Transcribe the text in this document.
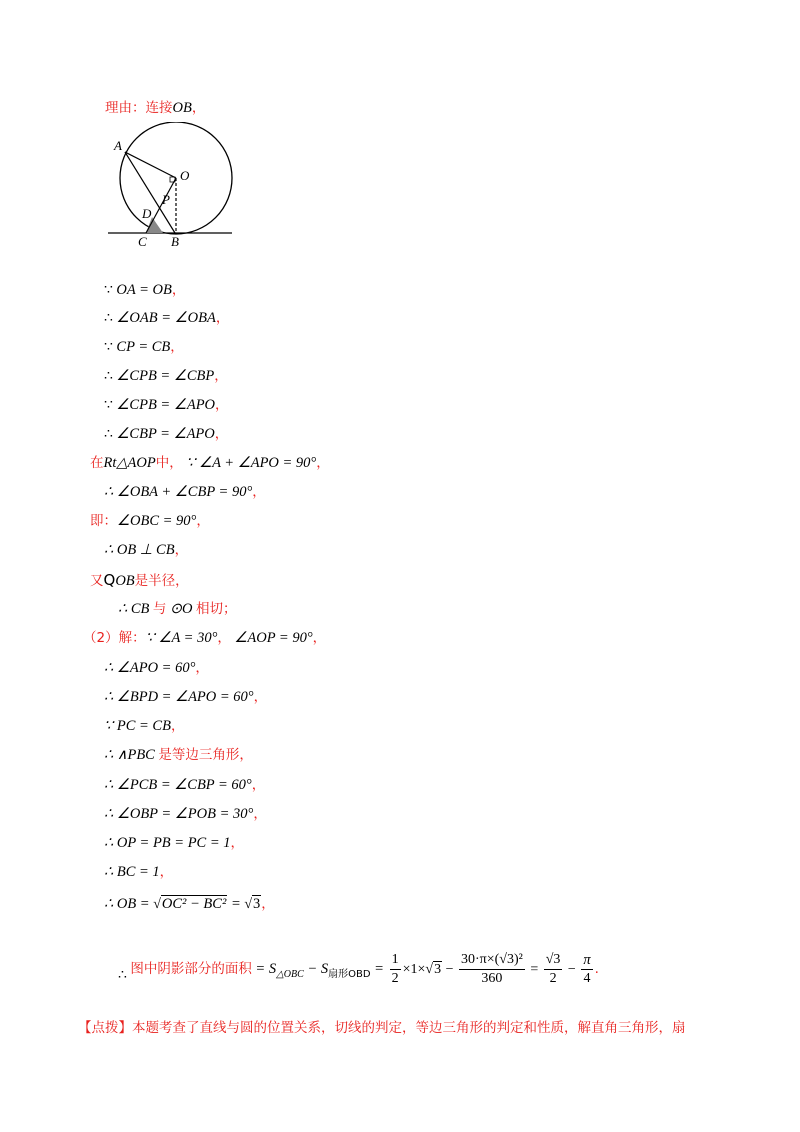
理由：连接OB，
A
O
D
P
C B
∵ OA = OB，
∴ ∠OAB = ∠OBA，
∵ CP = CB，
∴ ∠CPB = ∠CBP，
∵ ∠CPB = ∠APO，
∴ ∠CBP = ∠APO，
在Rt△AOP中， ∵ ∠A + ∠APO = 90°，
∴ ∠OBA + ∠CBP = 90°，
即：∠OBC = 90°，
∴ OB ⊥ CB，
又QOB是半径，
∴ CB 与 ⊙O 相切；
（2）解：∵ ∠A = 30°， ∠AOP = 90°，
∴ ∠APO = 60°，
∴ ∠BPD = ∠APO = 60°，
∵ PC = CB，
∴ ∧PBC 是等边三角形，
∴ ∠PCB = ∠CBP = 60°，
∴ ∠OBP = ∠POB = 30°，
∴ OP = PB = PC = 1，
∴ BC = 1，
∴ OB = √OC² − BC² = √3，
∴ 图中阴影部分的面积 = $S_{\triangle OBC} - S_{扇形OBD} = \frac{1}{2} \times 1\times√3 - \frac{\text{30·π×(√3)²}}{360} = \frac{√3}{2} - \frac{\pi}{4}$ .
【点拨】本题考查了直线与圆的位置关系，切线的判定，等边三角形的判定和性质，解直角三角形，扇
